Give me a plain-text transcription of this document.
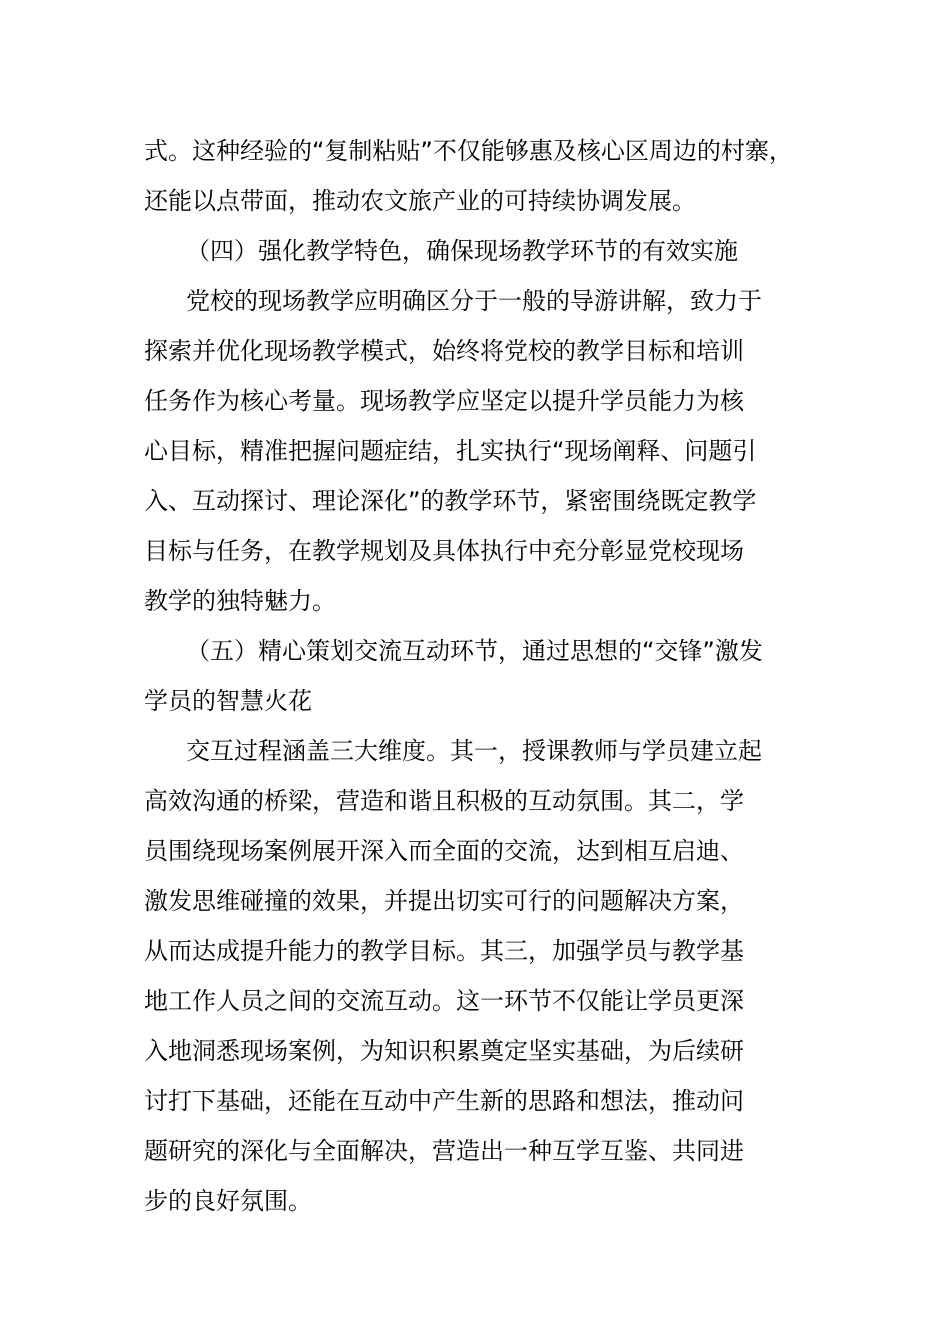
式。这种经验的“复制粘贴”不仅能够惠及核心区周边的村寨，
还能以点带面，推动农文旅产业的可持续协调发展。
（四）强化教学特色，确保现场教学环节的有效实施
党校的现场教学应明确区分于一般的导游讲解，致力于
探索并优化现场教学模式，始终将党校的教学目标和培训
任务作为核心考量。现场教学应坚定以提升学员能力为核
心目标，精准把握问题症结，扎实执行“现场阐释、问题引
入、互动探讨、理论深化”的教学环节，紧密围绕既定教学
目标与任务，在教学规划及具体执行中充分彰显党校现场
教学的独特魅力。
（五）精心策划交流互动环节，通过思想的“交锋”激发
学员的智慧火花
交互过程涵盖三大维度。其一，授课教师与学员建立起
高效沟通的桥梁，营造和谐且积极的互动氛围。其二，学
员围绕现场案例展开深入而全面的交流，达到相互启迪、
激发思维碰撞的效果，并提出切实可行的问题解决方案，
从而达成提升能力的教学目标。其三，加强学员与教学基
地工作人员之间的交流互动。这一环节不仅能让学员更深
入地洞悉现场案例，为知识积累奠定坚实基础，为后续研
讨打下基础，还能在互动中产生新的思路和想法，推动问
题研究的深化与全面解决，营造出一种互学互鉴、共同进
步的良好氛围。
